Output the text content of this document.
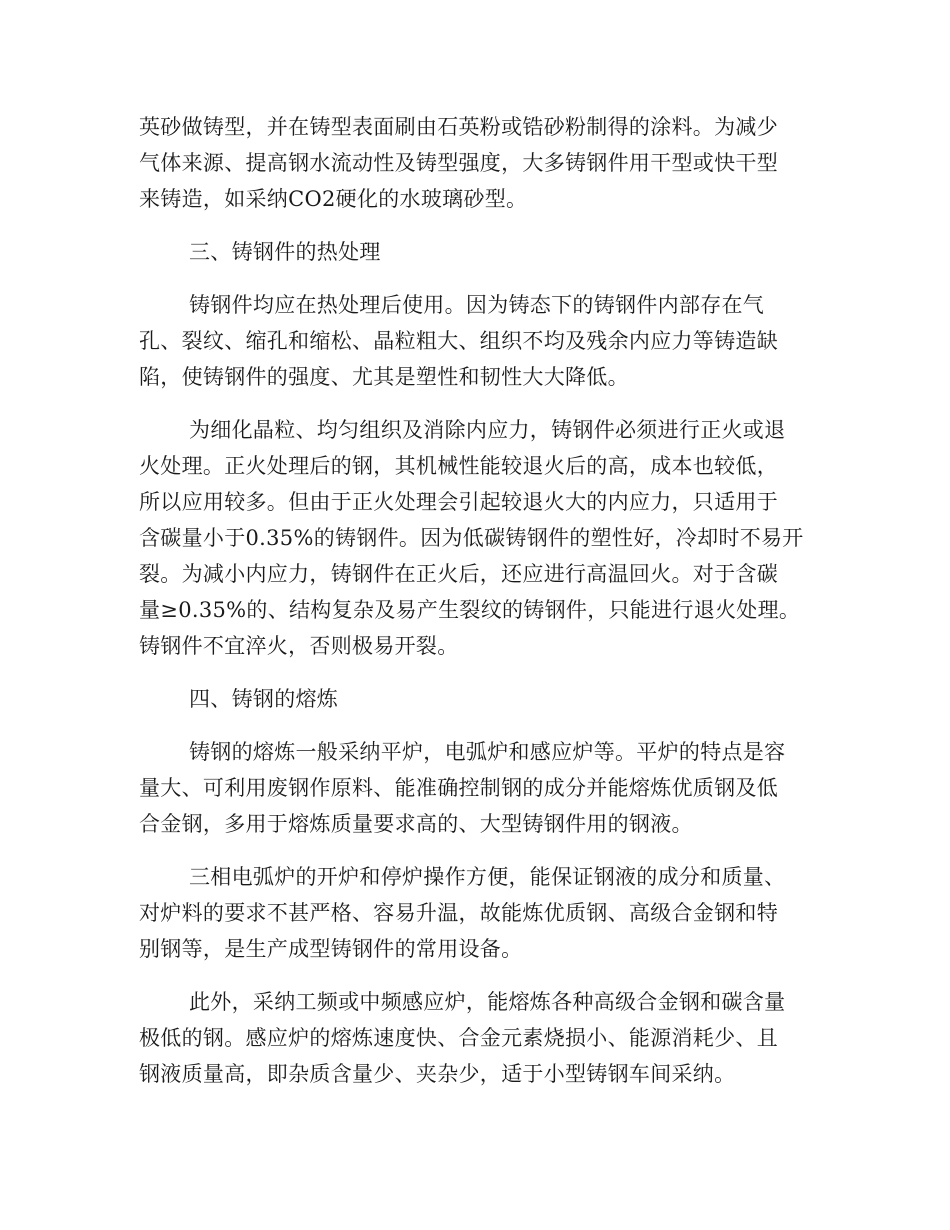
英砂做铸型，并在铸型表面刷由石英粉或锆砂粉制得的涂料。为减少
气体来源、提高钢水流动性及铸型强度，大多铸钢件用干型或快干型
来铸造，如采纳CO2硬化的水玻璃砂型。
三、铸钢件的热处理
铸钢件均应在热处理后使用。因为铸态下的铸钢件内部存在气
孔、裂纹、缩孔和缩松、晶粒粗大、组织不均及残余内应力等铸造缺
陷，使铸钢件的强度、尤其是塑性和韧性大大降低。
为细化晶粒、均匀组织及消除内应力，铸钢件必须进行正火或退
火处理。正火处理后的钢，其机械性能较退火后的高，成本也较低，
所以应用较多。但由于正火处理会引起较退火大的内应力，只适用于
含碳量小于0.35%的铸钢件。因为低碳铸钢件的塑性好，冷却时不易开
裂。为减小内应力，铸钢件在正火后，还应进行高温回火。对于含碳
量≥0.35%的、结构复杂及易产生裂纹的铸钢件，只能进行退火处理。
铸钢件不宜淬火，否则极易开裂。
四、铸钢的熔炼
铸钢的熔炼一般采纳平炉，电弧炉和感应炉等。平炉的特点是容
量大、可利用废钢作原料、能准确控制钢的成分并能熔炼优质钢及低
合金钢，多用于熔炼质量要求高的、大型铸钢件用的钢液。
三相电弧炉的开炉和停炉操作方便，能保证钢液的成分和质量、
对炉料的要求不甚严格、容易升温，故能炼优质钢、高级合金钢和特
别钢等，是生产成型铸钢件的常用设备。
此外，采纳工频或中频感应炉，能熔炼各种高级合金钢和碳含量
极低的钢。感应炉的熔炼速度快、合金元素烧损小、能源消耗少、且
钢液质量高，即杂质含量少、夹杂少，适于小型铸钢车间采纳。
